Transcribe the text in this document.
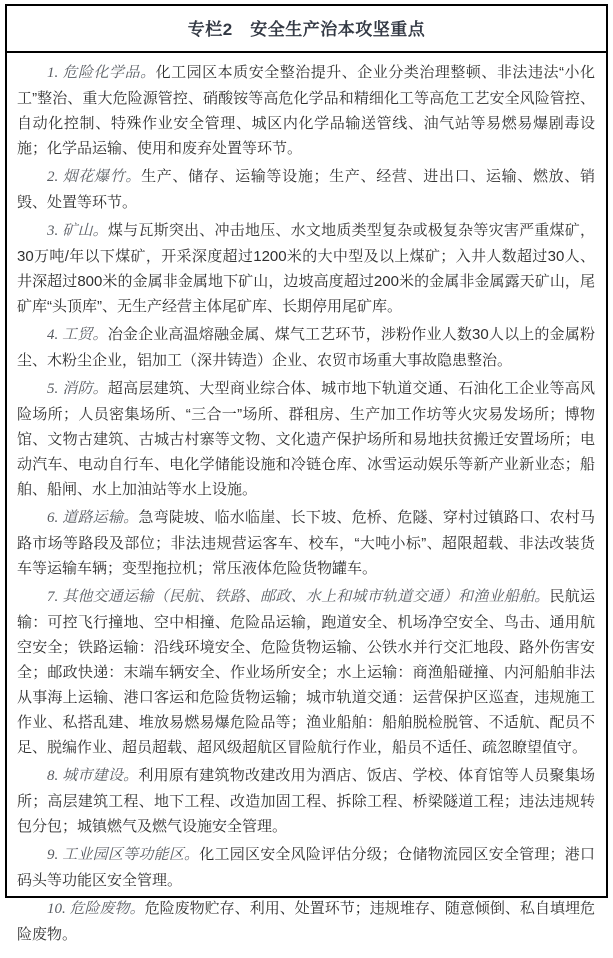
专栏2　安全生产治本攻坚重点

1. 危险化学品。化工园区本质安全整治提升、企业分类治理整顿、非法违法“小化工”整治、重大危险源管控、硝酸铵等高危化学品和精细化工等高危工艺安全风险管控、自动化控制、特殊作业安全管理、城区内化学品输送管线、油气站等易燃易爆剧毒设施；化学品运输、使用和废弃处置等环节。

2. 烟花爆竹。生产、储存、运输等设施；生产、经营、进出口、运输、燃放、销毁、处置等环节。

3. 矿山。煤与瓦斯突出、冲击地压、水文地质类型复杂或极复杂等灾害严重煤矿，30万吨/年以下煤矿，开采深度超过1200米的大中型及以上煤矿；入井人数超过30人、井深超过800米的金属非金属地下矿山，边坡高度超过200米的金属非金属露天矿山，尾矿库“头顶库”、无生产经营主体尾矿库、长期停用尾矿库。

4. 工贸。冶金企业高温熔融金属、煤气工艺环节，涉粉作业人数30人以上的金属粉尘、木粉尘企业，铝加工（深井铸造）企业、农贸市场重大事故隐患整治。

5. 消防。超高层建筑、大型商业综合体、城市地下轨道交通、石油化工企业等高风险场所；人员密集场所、“三合一”场所、群租房、生产加工作坊等火灾易发场所；博物馆、文物古建筑、古城古村寨等文物、文化遗产保护场所和易地扶贫搬迁安置场所；电动汽车、电动自行车、电化学储能设施和冷链仓库、冰雪运动娱乐等新产业新业态；船舶、船闸、水上加油站等水上设施。

6. 道路运输。急弯陡坡、临水临崖、长下坡、危桥、危隧、穿村过镇路口、农村马路市场等路段及部位；非法违规营运客车、校车，“大吨小标”、超限超载、非法改装货车等运输车辆；变型拖拉机；常压液体危险货物罐车。

7. 其他交通运输（民航、铁路、邮政、水上和城市轨道交通）和渔业船舶。民航运输：可控飞行撞地、空中相撞、危险品运输，跑道安全、机场净空安全、鸟击、通用航空安全；铁路运输：沿线环境安全、危险货物运输、公铁水并行交汇地段、路外伤害安全；邮政快递：末端车辆安全、作业场所安全；水上运输：商渔船碰撞、内河船舶非法从事海上运输、港口客运和危险货物运输；城市轨道交通：运营保护区巡查，违规施工作业、私搭乱建、堆放易燃易爆危险品等；渔业船舶：船舶脱检脱管、不适航、配员不足、脱编作业、超员超载、超风级超航区冒险航行作业，船员不适任、疏忽瞭望值守。

8. 城市建设。利用原有建筑物改建改用为酒店、饭店、学校、体育馆等人员聚集场所；高层建筑工程、地下工程、改造加固工程、拆除工程、桥梁隧道工程；违法违规转包分包；城镇燃气及燃气设施安全管理。

9. 工业园区等功能区。化工园区安全风险评估分级；仓储物流园区安全管理；港口码头等功能区安全管理。

10. 危险废物。危险废物贮存、利用、处置环节；违规堆存、随意倾倒、私自填埋危险废物。
